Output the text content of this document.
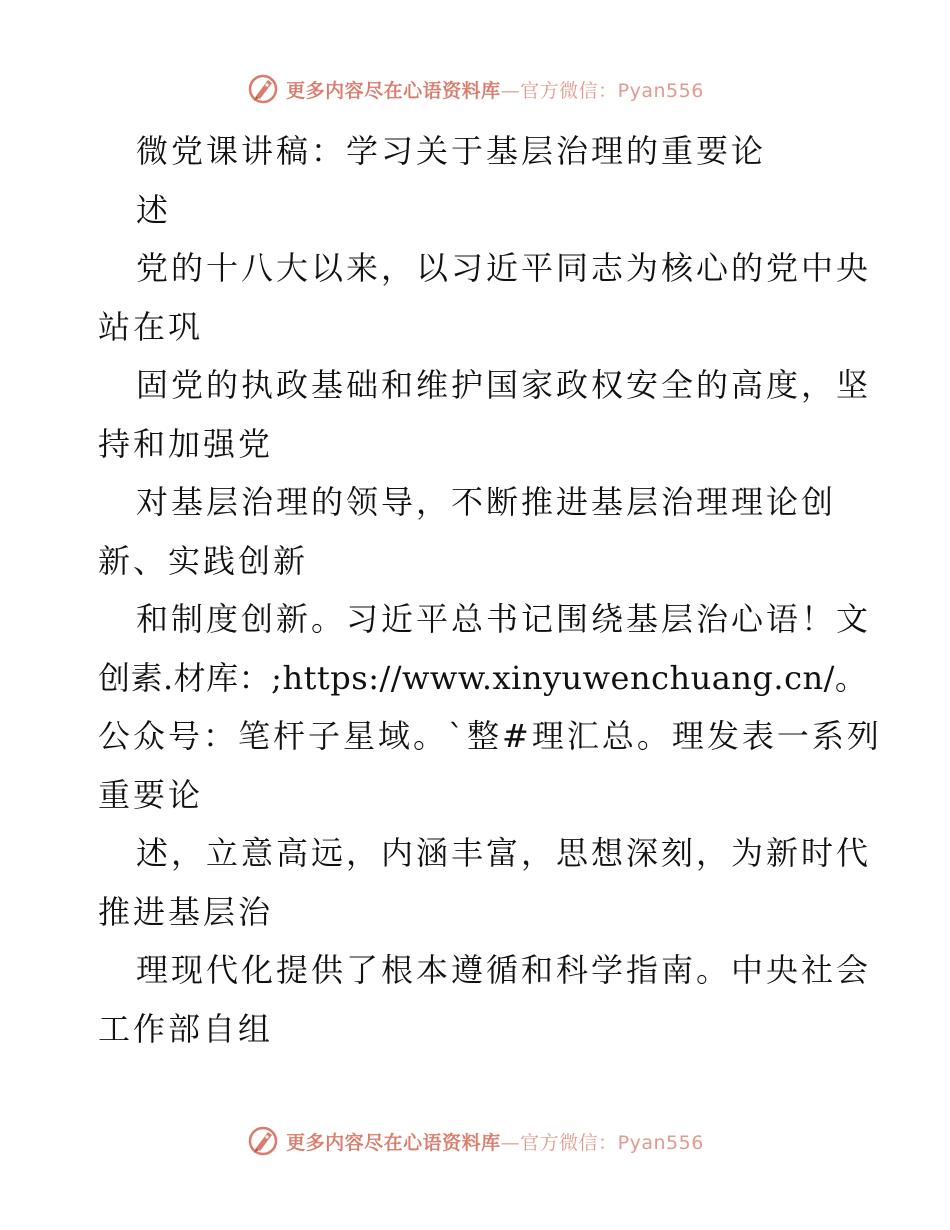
更多内容尽在心语资料库—官方微信：Pyan556
微党课讲稿：学习关于基层治理的重要论
述
党的十八大以来，以习近平同志为核心的党中央
站在巩
固党的执政基础和维护国家政权安全的高度，坚
持和加强党
对基层治理的领导，不断推进基层治理理论创
新、实践创新
和制度创新。习近平总书记围绕基层治心语！文
创素.材库：;https://www.xinyuwenchuang.cn/。
公众号：笔杆子星域。`整#理汇总。理发表一系列
重要论
述，立意高远，内涵丰富，思想深刻，为新时代
推进基层治
理现代化提供了根本遵循和科学指南。中央社会
工作部自组
更多内容尽在心语资料库—官方微信：Pyan556
